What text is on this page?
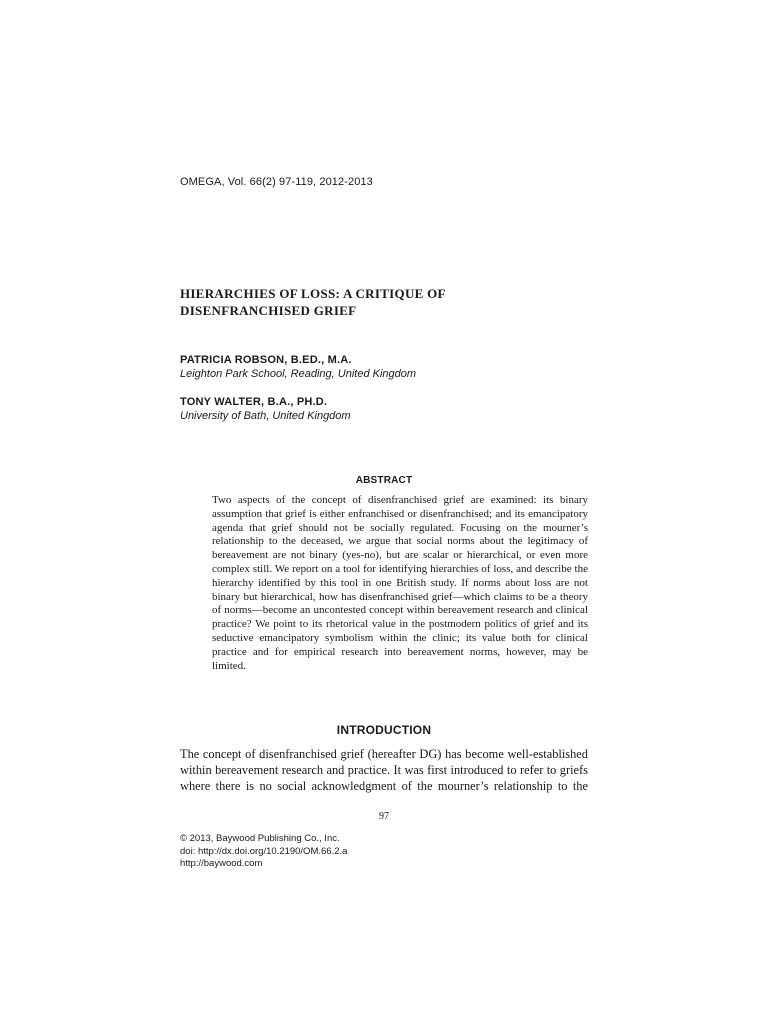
OMEGA, Vol. 66(2) 97-119, 2012-2013
HIERARCHIES OF LOSS: A CRITIQUE OF
DISENFRANCHISED GRIEF
PATRICIA ROBSON, B.ED., M.A.
Leighton Park School, Reading, United Kingdom
TONY WALTER, B.A., PH.D.
University of Bath, United Kingdom
ABSTRACT
Two aspects of the concept of disenfranchised grief are examined: its binary assumption that grief is either enfranchised or disenfranchised; and its emancipatory agenda that grief should not be socially regulated. Focusing on the mourner’s relationship to the deceased, we argue that social norms about the legitimacy of bereavement are not binary (yes-no), but are scalar or hierarchical, or even more complex still. We report on a tool for identifying hierarchies of loss, and describe the hierarchy identified by this tool in one British study. If norms about loss are not binary but hierarchical, how has disenfranchised grief—which claims to be a theory of norms—become an uncontested concept within bereavement research and clinical practice? We point to its rhetorical value in the postmodern politics of grief and its seductive emancipatory symbolism within the clinic; its value both for clinical practice and for empirical research into bereavement norms, however, may be limited.
INTRODUCTION
The concept of disenfranchised grief (hereafter DG) has become well-established within bereavement research and practice. It was first introduced to refer to griefs where there is no social acknowledgment of the mourner’s relationship to the
97
© 2013, Baywood Publishing Co., Inc.
doi: http://dx.doi.org/10.2190/OM.66.2.a
http://baywood.com
